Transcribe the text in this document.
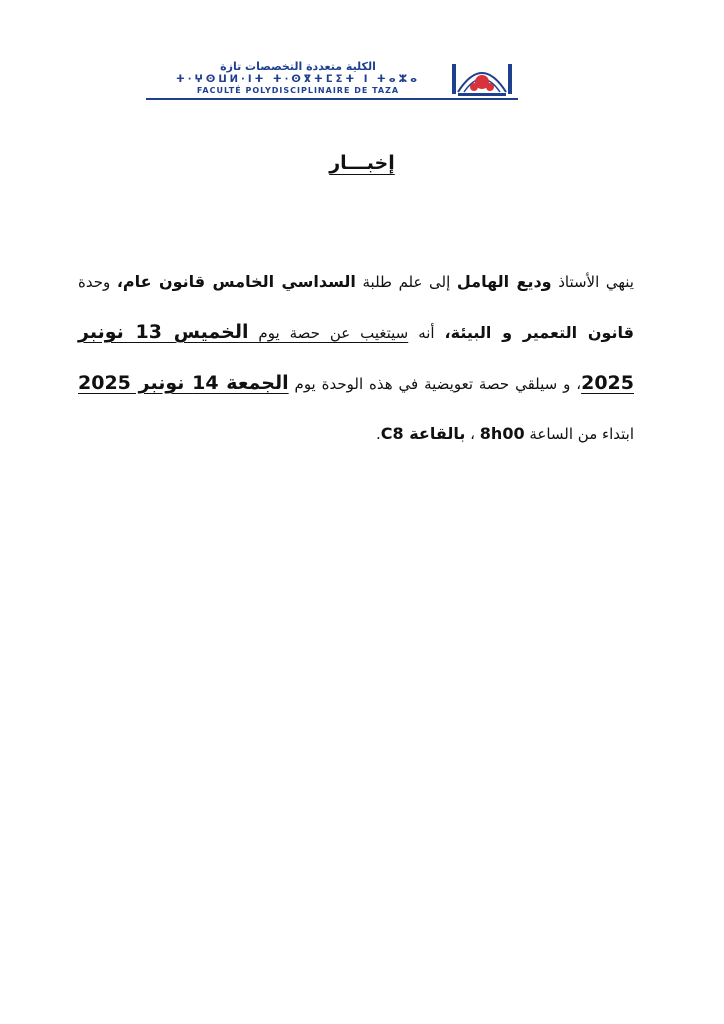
الكلية متعددة التخصصات تازة
ⵜ·ⵖⵙⵡⵍ·ⵏⵜ ⵜ·ⵙⴳⵜⵎⵉⵜ ⵏ ⵜⴰⵣⴰ
FACULTÉ POLYDISCIPLINAIRE DE TAZA
إخبـــار
ينهي الأستاذ وديع الهامل إلى علم طلبة السداسي الخامس قانون عام، وحدة قانون التعمير و البيئة، أنه سيتغيب عن حصة يوم الخميس 13 نونبر 2025، و سيلقي حصة تعويضية في هذه الوحدة يوم الجمعة 14 نونبر 2025 ابتداء من الساعة 8h00 ، بالقاعة C8.
